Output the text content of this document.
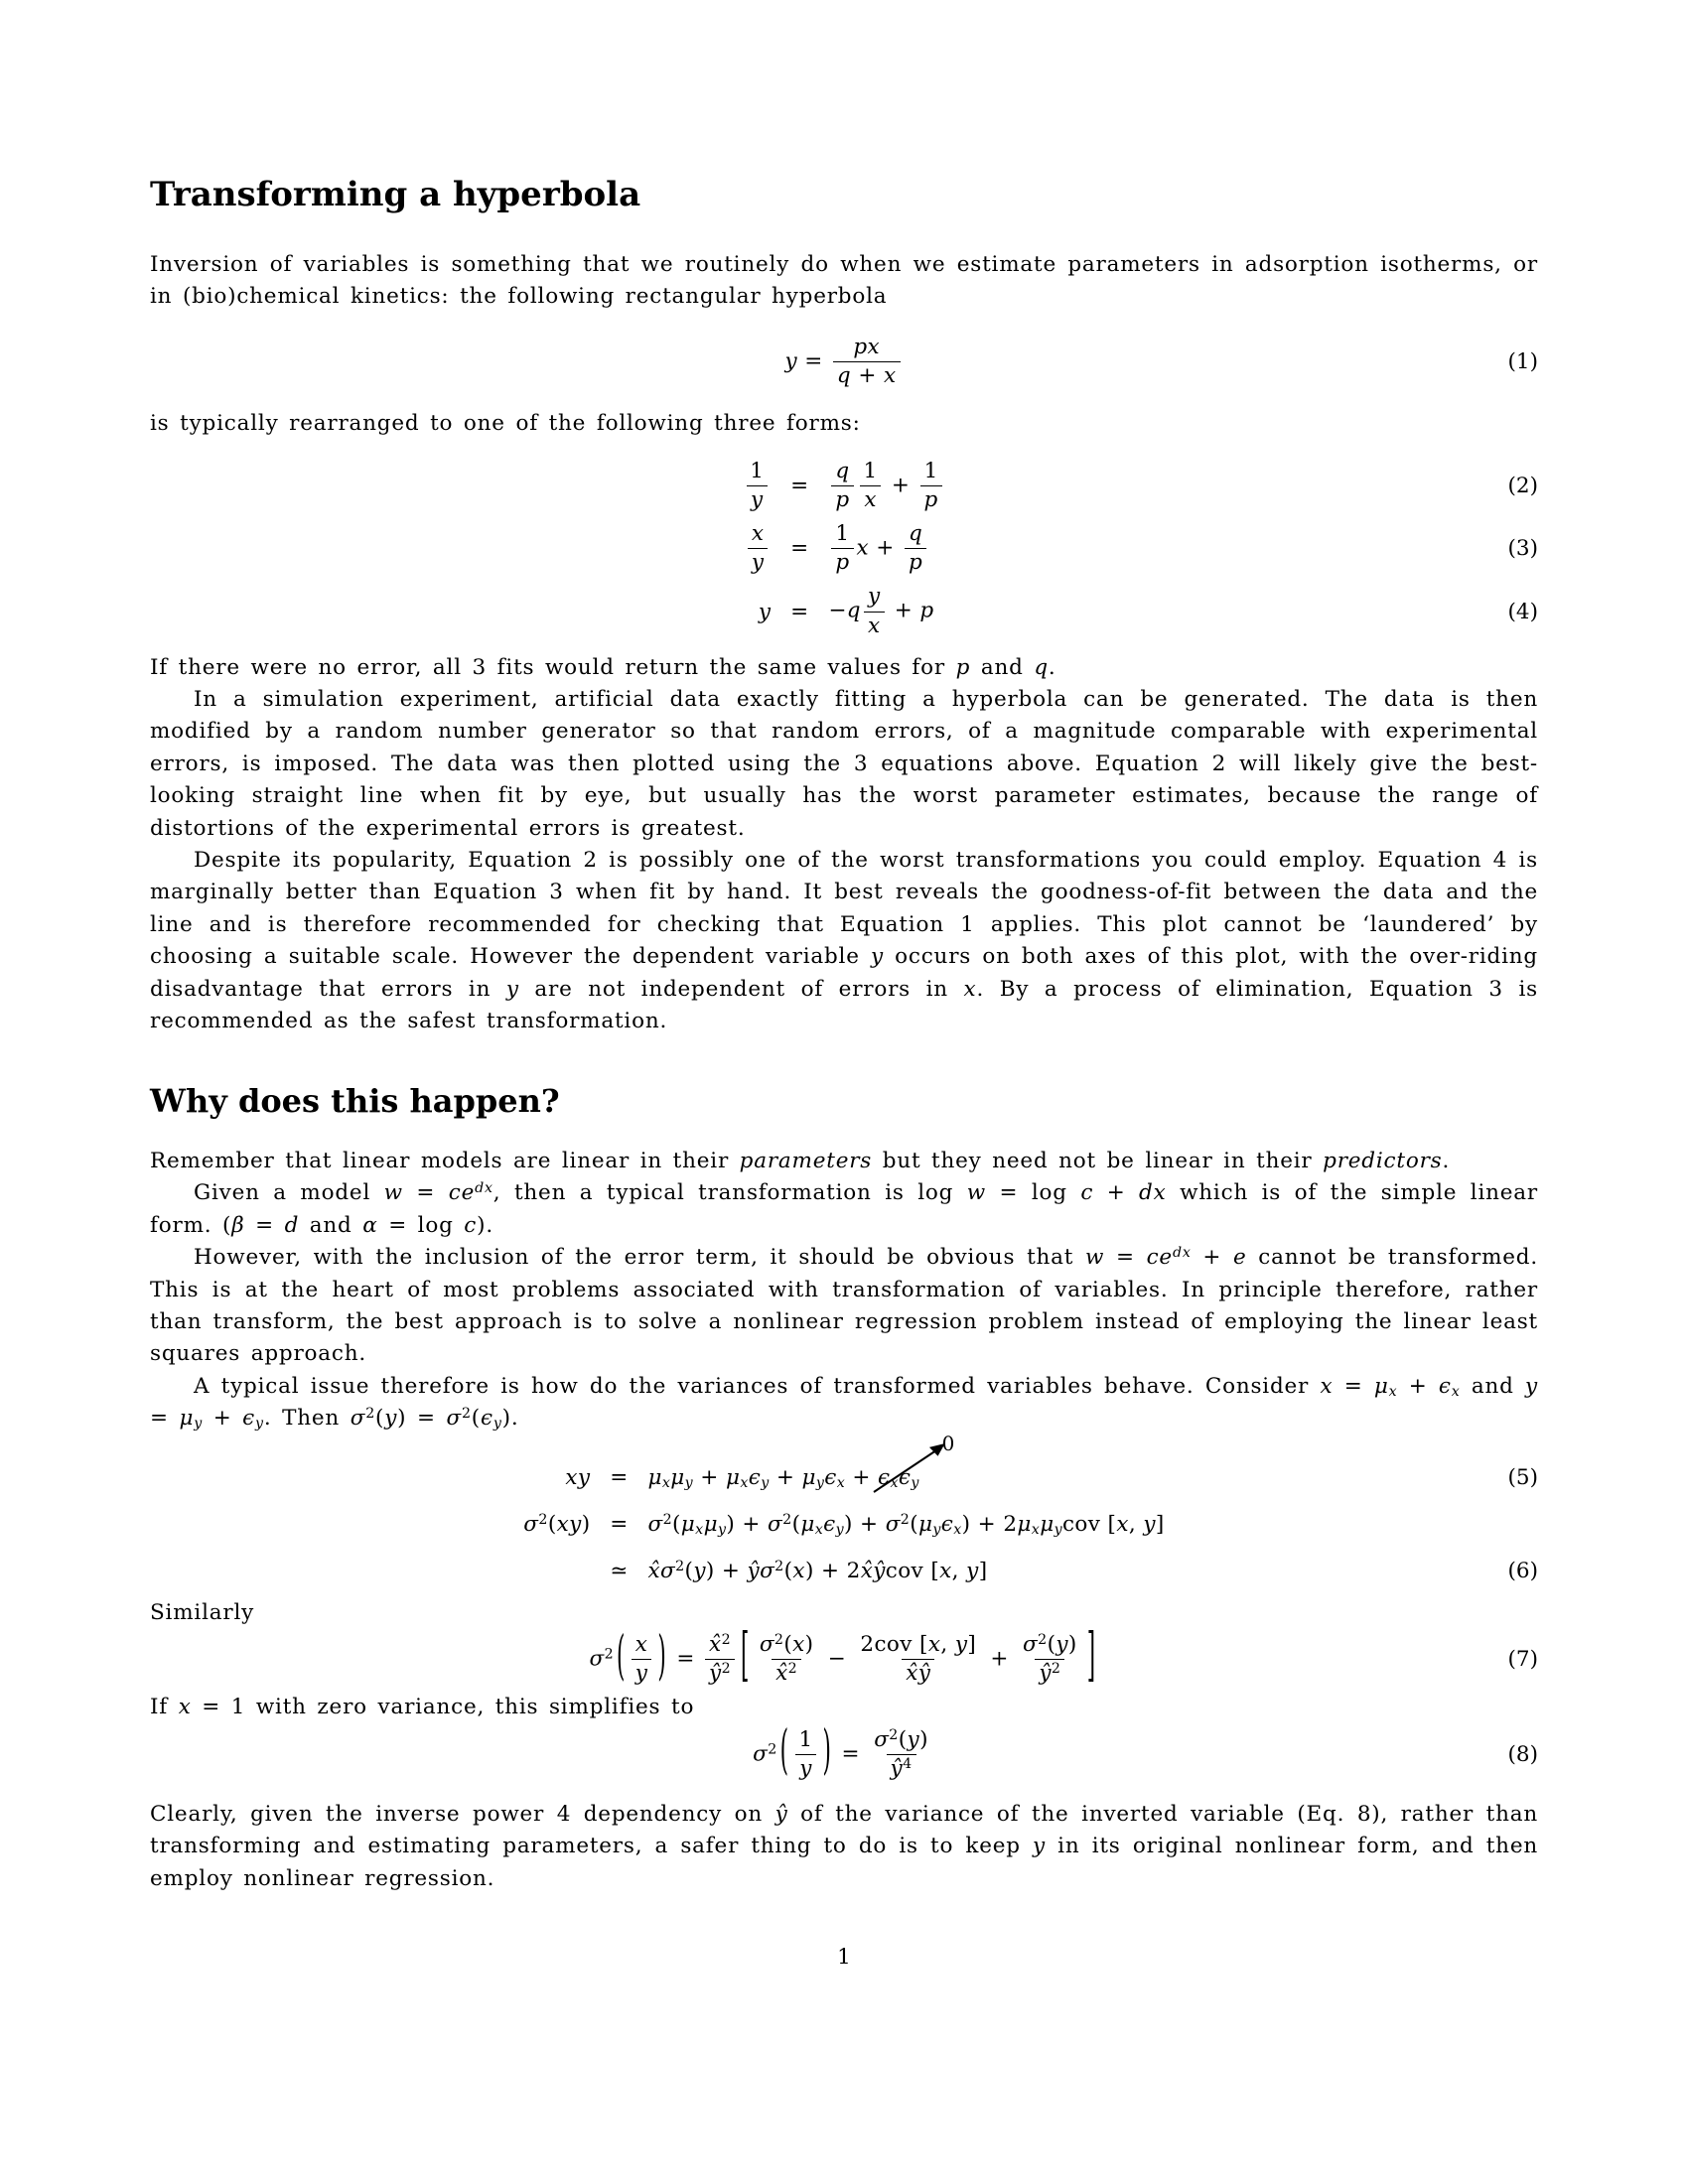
Transforming a hyperbola

Inversion of variables is something that we routinely do when we estimate parameters in adsorption isotherms, or in (bio)chemical kinetics: the following rectangular hyperbola

$y = \frac{px}{q + x}$	(1)

is typically rearranged to one of the following three forms:

$\frac{1}{y} = \frac{q}{p} \frac{1}{x} + \frac{1}{p}$	(2)
$\frac{x}{y} = \frac{1}{p}$ $x + \frac{q}{p}$	(3)
$y = -q \frac{y}{x} + p$	(4)

If there were no error, all 3 fits would return the same values for p and q.

In a simulation experiment, artificial data exactly fitting a hyperbola can be generated. The data is then modified by a random number generator so that random errors, of a magnitude comparable with experimental errors, is imposed. The data was then plotted using the 3 equations above. Equation 2 will likely give the best-looking straight line when fit by eye, but usually has the worst parameter estimates, because the range of distortions of the experimental errors is greatest.

Despite its popularity, Equation 2 is possibly one of the worst transformations you could employ. Equation 4 is marginally better than Equation 3 when fit by hand. It best reveals the goodness-of-fit between the data and the line and is therefore recommended for checking that Equation 1 applies. This plot cannot be ‘laundered’ by choosing a suitable scale. However the dependent variable y occurs on both axes of this plot, with the over-riding disadvantage that errors in y are not independent of errors in x. By a process of elimination, Equation 3 is recommended as the safest transformation.

Why does this happen?

Remember that linear models are linear in their parameters but they need not be linear in their predictors.

Given a model $w = ce^{dx}$, then a typical transformation is log w = log c + dx which is of the simple linear form. (β = d and α = log c).

However, with the inclusion of the error term, it should be obvious that $w = ce^{dx} + e$ cannot be transformed. This is at the heart of most problems associated with transformation of variables. In principle therefore, rather than transform, the best approach is to solve a nonlinear regression problem instead of employing the linear least squares approach.

A typical issue therefore is how do the variances of transformed variables behave. Consider $x = \mu_x + \epsilon_x$ and $y = \mu_y + \epsilon_y$. Then $\sigma^2(y) = \sigma^2(\epsilon_y)$.

xy = $\mu_x\mu_y + \mu_x\epsilon_y + \mu_y\epsilon_x + \epsilon_x\epsilon_y$
0
(5)
$\sigma^2(xy) = \sigma^2(\mu_x\mu_y) + \sigma^2(\mu_x\epsilon_y) + \sigma^2(\mu_y\epsilon_x) + 2\mu_x\mu_ycov$ [x, y]
≃ $x̂\sigma^2(y)$ + $ŷ\sigma^2(x)$ + 2x̂ŷcov [x, y]	(6)

Similarly

$\sigma^2$ ( $\frac{x}{y}$ ) = $\frac{x̂^2}{ŷ^2}$ [ $\frac{\sigma^2(x)}{x̂^2} - \frac{\text{2cov [x, y]}}{x̂ŷ} + \frac{\sigma^2(y)}{ŷ^2}$ ]	(7)

If x = 1 with zero variance, this simplifies to

$\sigma^2$ ( $\frac{1}{y}$ ) = $\frac{\sigma^2(y)}{ŷ^4}$	(8)

Clearly, given the inverse power 4 dependency on ŷ of the variance of the inverted variable (Eq. 8), rather than transforming and estimating parameters, a safer thing to do is to keep y in its original nonlinear form, and then employ nonlinear regression.

1
